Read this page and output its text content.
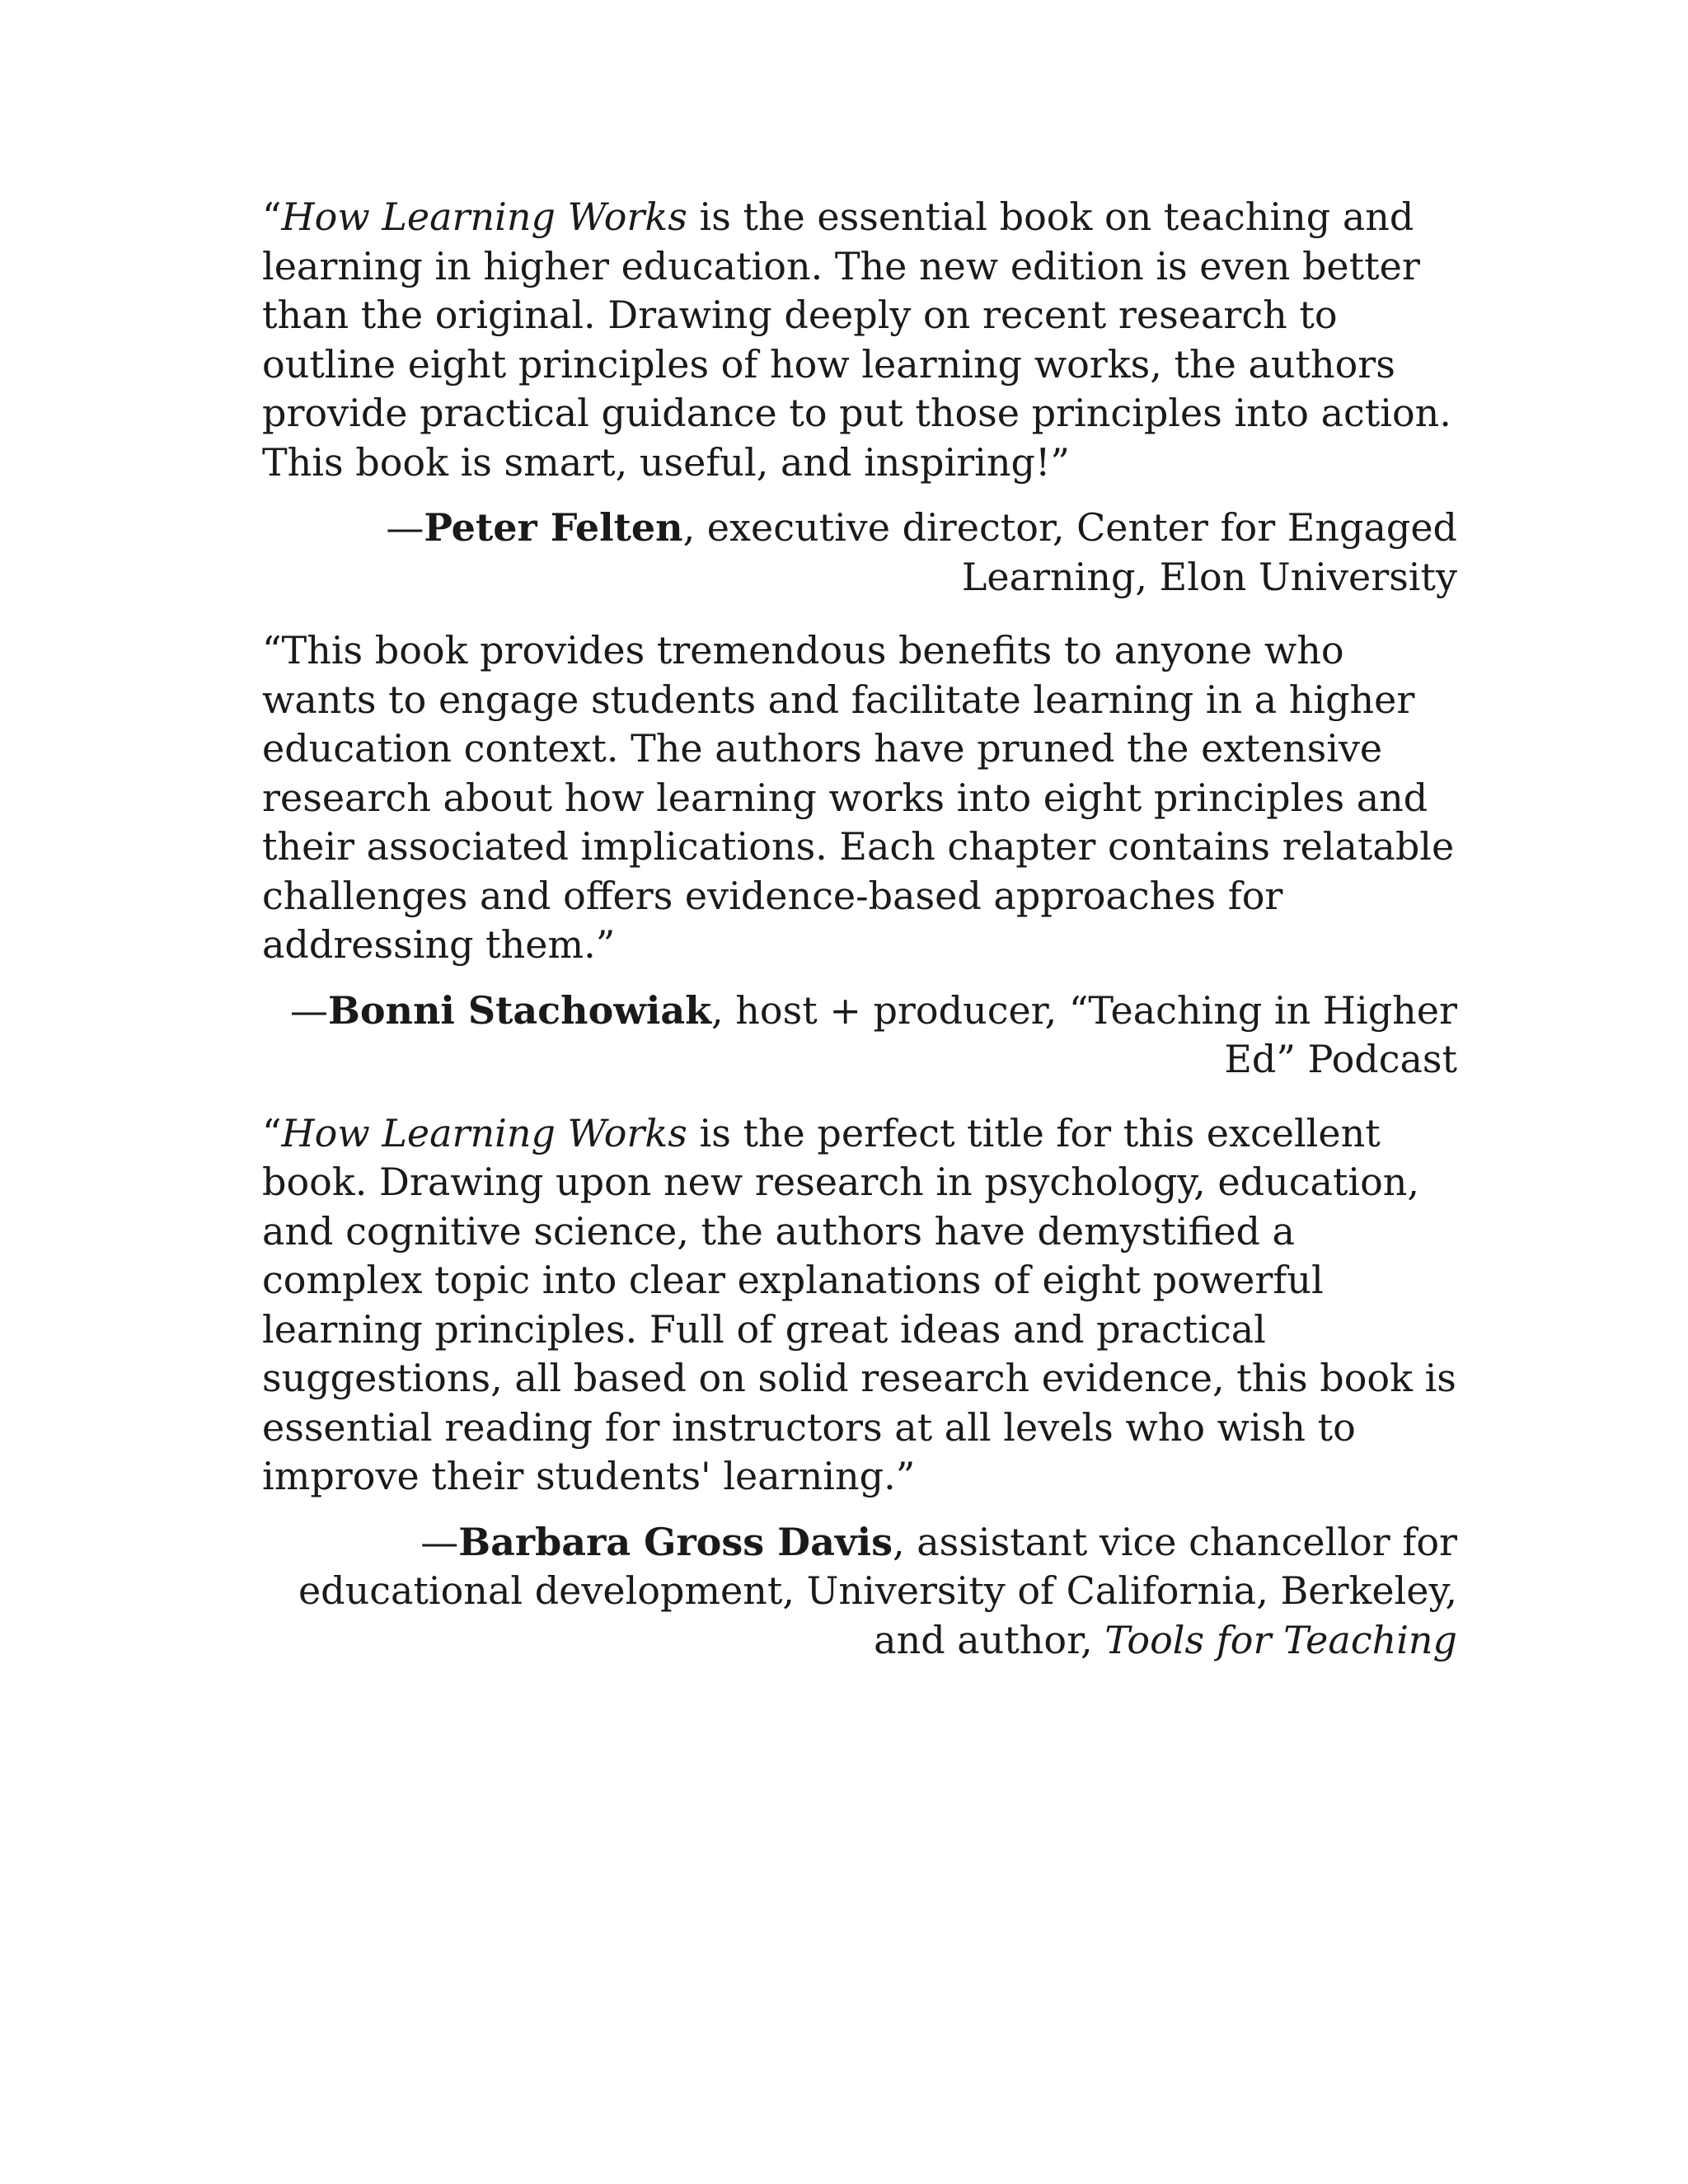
“How Learning Works is the essential book on teaching and learning in higher education. The new edition is even better than the original. Drawing deeply on recent research to outline eight principles of how learning works, the authors provide practical guidance to put those principles into action. This book is smart, useful, and inspiring!”

—Peter Felten, executive director, Center for Engaged Learning, Elon University

“This book provides tremendous benefits to anyone who wants to engage students and facilitate learning in a higher education context. The authors have pruned the extensive research about how learning works into eight principles and their associated implications. Each chapter contains relatable challenges and offers evidence-based approaches for addressing them.”

—Bonni Stachowiak, host + producer, “Teaching in Higher Ed” Podcast

“How Learning Works is the perfect title for this excellent book. Drawing upon new research in psychology, education, and cognitive science, the authors have demystified a complex topic into clear explanations of eight powerful learning principles. Full of great ideas and practical suggestions, all based on solid research evidence, this book is essential reading for instructors at all levels who wish to improve their students' learning.”

—Barbara Gross Davis, assistant vice chancellor for educational development, University of California, Berkeley, and author, Tools for Teaching
